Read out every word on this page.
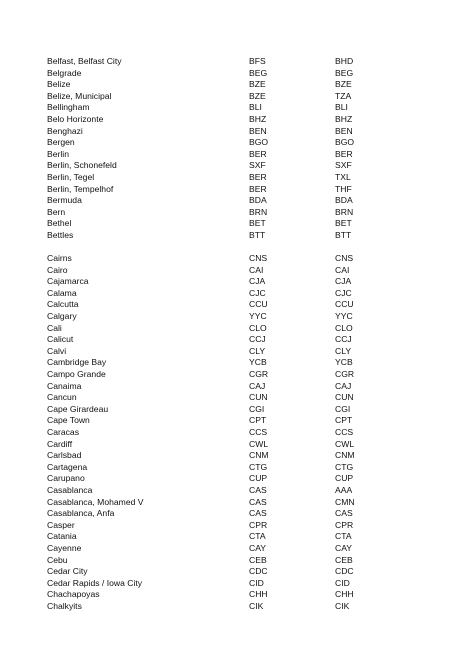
Belfast, Belfast City	BFS	BHD
Belgrade	BEG	BEG
Belize	BZE	BZE
Belize, Municipal	BZE	TZA
Bellingham	BLI	BLI
Belo Horizonte	BHZ	BHZ
Benghazi	BEN	BEN
Bergen	BGO	BGO
Berlin	BER	BER
Berlin, Schonefeld	SXF	SXF
Berlin, Tegel	BER	TXL
Berlin, Tempelhof	BER	THF
Bermuda	BDA	BDA
Bern	BRN	BRN
Bethel	BET	BET
Bettles	BTT	BTT
Cairns	CNS	CNS
Cairo	CAI	CAI
Cajamarca	CJA	CJA
Calama	CJC	CJC
Calcutta	CCU	CCU
Calgary	YYC	YYC
Cali	CLO	CLO
Calicut	CCJ	CCJ
Calvi	CLY	CLY
Cambridge Bay	YCB	YCB
Campo Grande	CGR	CGR
Canaima	CAJ	CAJ
Cancun	CUN	CUN
Cape Girardeau	CGI	CGI
Cape Town	CPT	CPT
Caracas	CCS	CCS
Cardiff	CWL	CWL
Carlsbad	CNM	CNM
Cartagena	CTG	CTG
Carupano	CUP	CUP
Casablanca	CAS	AAA
Casablanca, Mohamed V	CAS	CMN
Casablanca, Anfa	CAS	CAS
Casper	CPR	CPR
Catania	CTA	CTA
Cayenne	CAY	CAY
Cebu	CEB	CEB
Cedar City	CDC	CDC
Cedar Rapids / Iowa City	CID	CID
Chachapoyas	CHH	CHH
Chalkyits	CIK	CIK
